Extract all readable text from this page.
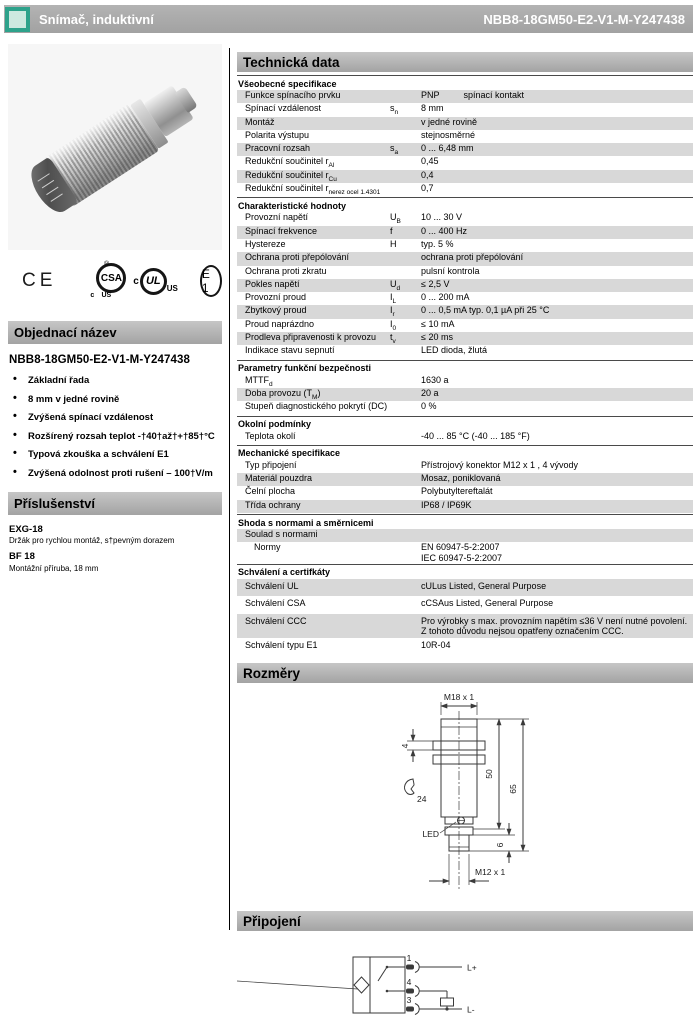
Snímač, induktivní	NBB8-18GM50-E2-V1-M-Y247438
CE	CSA
c US
®
c UL
US
E 1
Objednací název
NBB8-18GM50-E2-V1-M-Y247438
• Základní řada
• 8 mm v jedné rovině
• Zvýšená spínací vzdálenost
• Rozšírený rozsah teplot -†40†až†+†85†°C
• Typová zkouška a schválení E1
• Zvýšená odolnost proti rušení – 100†V/m
Příslušenství
EXG-18
Držák pro rychlou montáž, s†pevným dorazem
BF 18
Montážní příruba, 18 mm
Technická data
Všeobecné specifikace
Funkce spínacího prvku	PNP	spínací kontakt
Spínací vzdálenost	$s_n$	8 mm
Montáž	v jedné rovině
Polarita výstupu	stejnosměrné
Pracovní rozsah	$s_a$	0 ... 6,48 mm
Redukční součinitel $r_{Al}$	0,45
Redukční součinitel $r_{Cu}$	0,4
Redukční součinitel $r_{nerez ocel 1.4301}$	0,7
Charakteristické hodnoty
Provozní napětí	$U_B$	10 ... 30 V
Spínací frekvence	f	0 ... 400 Hz
Hystereze	H	typ. 5 %
Ochrana proti přepólování	ochrana proti přepólování
Ochrana proti zkratu	pulsní kontrola
Pokles napětí	$U_d$	≤ 2,5 V
Provozní proud	$I_L$	0 ... 200 mA
Zbytkový proud	$I_r$	0 ... 0,5 mA typ. 0,1 µA při 25 °C
Proud naprázdno	$I_0$	≤ 10 mA
Prodleva připravenosti k provozu	$t_v$	≤ 20 ms
Indikace stavu sepnutí	LED dioda, žlutá
Parametry funkční bezpečnosti
$MTTF_d$	1630 a
Doba provozu $(T_M)$	20 a
Stupeň diagnostického pokrytí (DC)	0 %
Okolní podmínky
Teplota okolí	-40 ... 85 °C (-40 ... 185 °F)
Mechanické specifikace
Typ připojení	Přístrojový konektor M12 x 1 , 4 vývody
Materiál pouzdra	Mosaz, poniklovaná
Čelní plocha	Polybutyltereftalát
Třída ochrany	IP68 / IP69K
Shoda s normami a směrnicemi
Soulad s normami
Normy	EN 60947-5-2:2007
IEC 60947-5-2:2007
Schválení a certifkáty
Schválení UL	cULus Listed, General Purpose
Schválení CSA	cCSAus Listed, General Purpose
Schválení CCC	Pro výrobky s max. provozním napětím ≤36 V není nutné povolení. Z tohoto důvodu nejsou opatřeny označením CCC.
Schválení typu E1	10R-04
Rozměry
M18 x 1
4
24
LED
50
6
65
M12 x 1
Připojení
1
L+
4
3
L-
